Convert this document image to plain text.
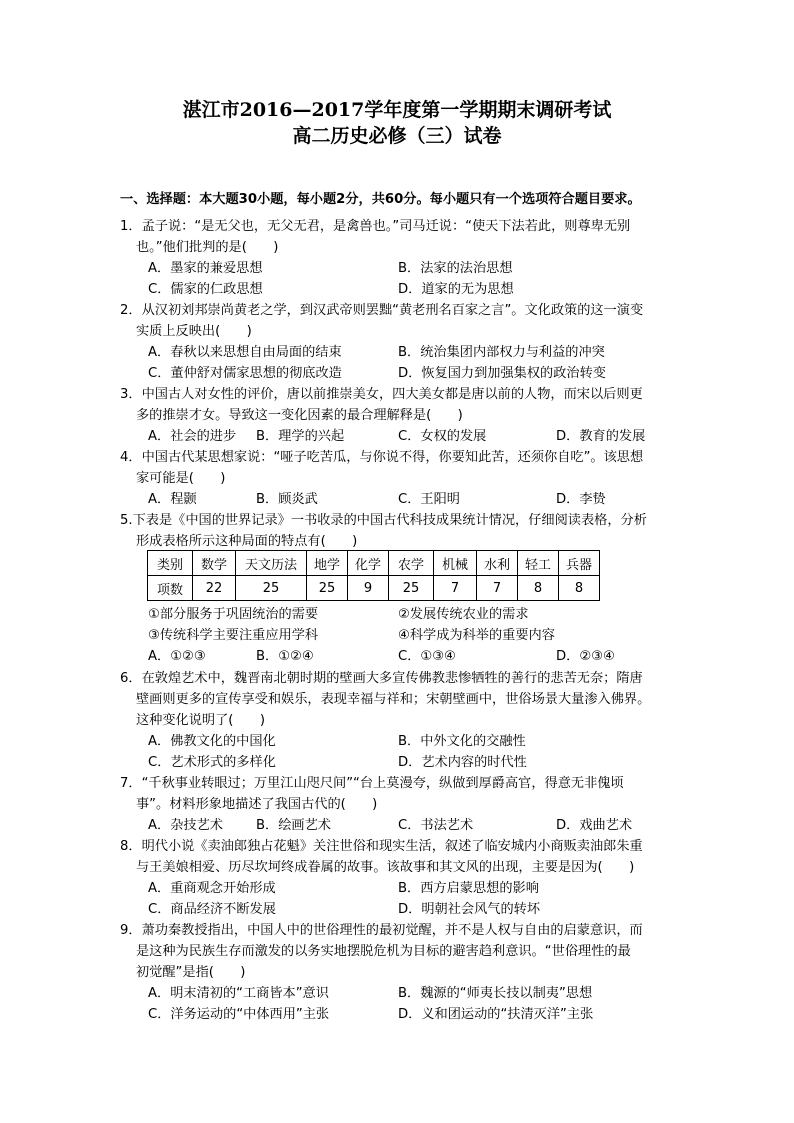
湛江市2016—2017学年度第一学期期末调研考试
高二历史必修（三）试卷
一、选择题：本大题30小题，每小题2分，共60分。每小题只有一个选项符合题目要求。
1．孟子说：“是无父也，无父无君，是禽兽也。”司马迁说：“使天下法若此，则尊卑无别
也。”他们批判的是(　　)
A．墨家的兼爱思想	B．法家的法治思想
C．儒家的仁政思想	D．道家的无为思想
2．从汉初刘邦崇尚黄老之学，到汉武帝则罢黜“黄老刑名百家之言”。文化政策的这一演变
实质上反映出(　　)
A．春秋以来思想自由局面的结束	B．统治集团内部权力与利益的冲突
C．董仲舒对儒家思想的彻底改造	D．恢复国力到加强集权的政治转变
3．中国古人对女性的评价，唐以前推崇美女，四大美女都是唐以前的人物，而宋以后则更
多的推崇才女。导致这一变化因素的最合理解释是(　　)
A．社会的进步 B．理学的兴起	C．女权的发展	D．教育的发展
4．中国古代某思想家说：“哑子吃苦瓜，与你说不得，你要知此苦，还须你自吃”。该思想
家可能是(　　)
A．程颢	B．顾炎武	C．王阳明	D．李贽
5.下表是《中国的世界记录》一书收录的中国古代科技成果统计情况，仔细阅读表格，分析
形成表格所示这种局面的特点有(　　)
类别	数学	天文历法	地学	化学	农学	机械	水利	轻工	兵器
项数	22	25	25	9	25	7	7	8	8
①部分服务于巩固统治的需要	②发展传统农业的需求
③传统科学主要注重应用学科	④科学成为科举的重要内容
A．①②③	B．①②④	C．①③④	D．②③④
6．在敦煌艺术中，魏晋南北朝时期的壁画大多宣传佛教悲惨牺牲的善行的悲苦无奈；隋唐
壁画则更多的宣传享受和娱乐，表现幸福与祥和；宋朝壁画中，世俗场景大量渗入佛界。
这种变化说明了(　　)
A．佛教文化的中国化	B．中外文化的交融性
C．艺术形式的多样化	D．艺术内容的时代性
7．“千秋事业转眼过；万里江山咫尺间”“台上莫漫夸，纵做到厚爵高官，得意无非傀顷
事”。材料形象地描述了我国古代的(　　)
A．杂技艺术	B．绘画艺术	C．书法艺术	D．戏曲艺术
8．明代小说《卖油郎独占花魁》关注世俗和现实生活，叙述了临安城内小商贩卖油郎朱重
与王美娘相爱、历尽坎坷终成眷属的故事。该故事和其文风的出现，主要是因为(　　)
A．重商观念开始形成	B．西方启蒙思想的影响
C．商品经济不断发展	D．明朝社会风气的转坏
9．萧功秦教授指出，中国人中的世俗理性的最初觉醒，并不是人权与自由的启蒙意识，而
是这种为民族生存而激发的以务实地摆脱危机为目标的避害趋利意识。“世俗理性的最
初觉醒”是指(　　)
A．明末清初的“工商皆本”意识	B．魏源的“师夷长技以制夷”思想
C．洋务运动的“中体西用”主张	D．义和团运动的“扶清灭洋”主张
